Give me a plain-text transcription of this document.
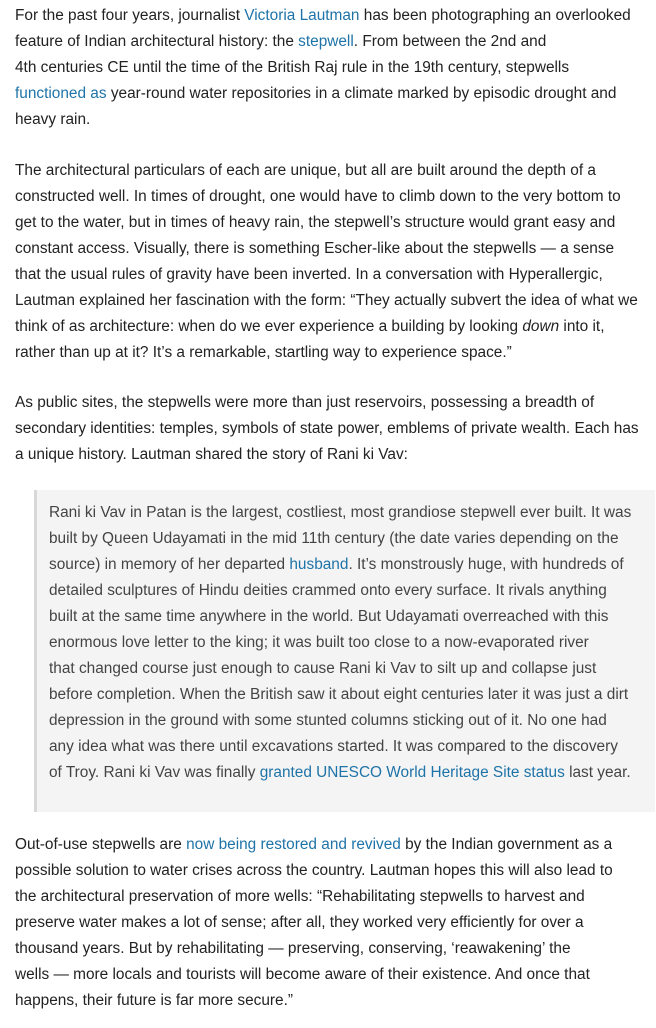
For the past four years, journalist Victoria Lautman has been photographing an overlooked
feature of Indian architectural history: the stepwell. From between the 2nd and
4th centuries CE until the time of the British Raj rule in the 19th century, stepwells
functioned as year-round water repositories in a climate marked by episodic drought and
heavy rain.

The architectural particulars of each are unique, but all are built around the depth of a
constructed well. In times of drought, one would have to climb down to the very bottom to
get to the water, but in times of heavy rain, the stepwell’s structure would grant easy and
constant access. Visually, there is something Escher-like about the stepwells — a sense
that the usual rules of gravity have been inverted. In a conversation with Hyperallergic,
Lautman explained her fascination with the form: “They actually subvert the idea of what we
think of as architecture: when do we ever experience a building by looking down into it,
rather than up at it? It’s a remarkable, startling way to experience space.”

As public sites, the stepwells were more than just reservoirs, possessing a breadth of
secondary identities: temples, symbols of state power, emblems of private wealth. Each has
a unique history. Lautman shared the story of Rani ki Vav:

Rani ki Vav in Patan is the largest, costliest, most grandiose stepwell ever built. It was
built by Queen Udayamati in the mid 11th century (the date varies depending on the
source) in memory of her departed husband. It’s monstrously huge, with hundreds of
detailed sculptures of Hindu deities crammed onto every surface. It rivals anything
built at the same time anywhere in the world. But Udayamati overreached with this
enormous love letter to the king; it was built too close to a now-evaporated river
that changed course just enough to cause Rani ki Vav to silt up and collapse just
before completion. When the British saw it about eight centuries later it was just a dirt
depression in the ground with some stunted columns sticking out of it. No one had
any idea what was there until excavations started. It was compared to the discovery
of Troy. Rani ki Vav was finally granted UNESCO World Heritage Site status last year.

Out-of-use stepwells are now being restored and revived by the Indian government as a
possible solution to water crises across the country. Lautman hopes this will also lead to
the architectural preservation of more wells: “Rehabilitating stepwells to harvest and
preserve water makes a lot of sense; after all, they worked very efficiently for over a
thousand years. But by rehabilitating — preserving, conserving, ‘reawakening’ the
wells — more locals and tourists will become aware of their existence. And once that
happens, their future is far more secure.”
